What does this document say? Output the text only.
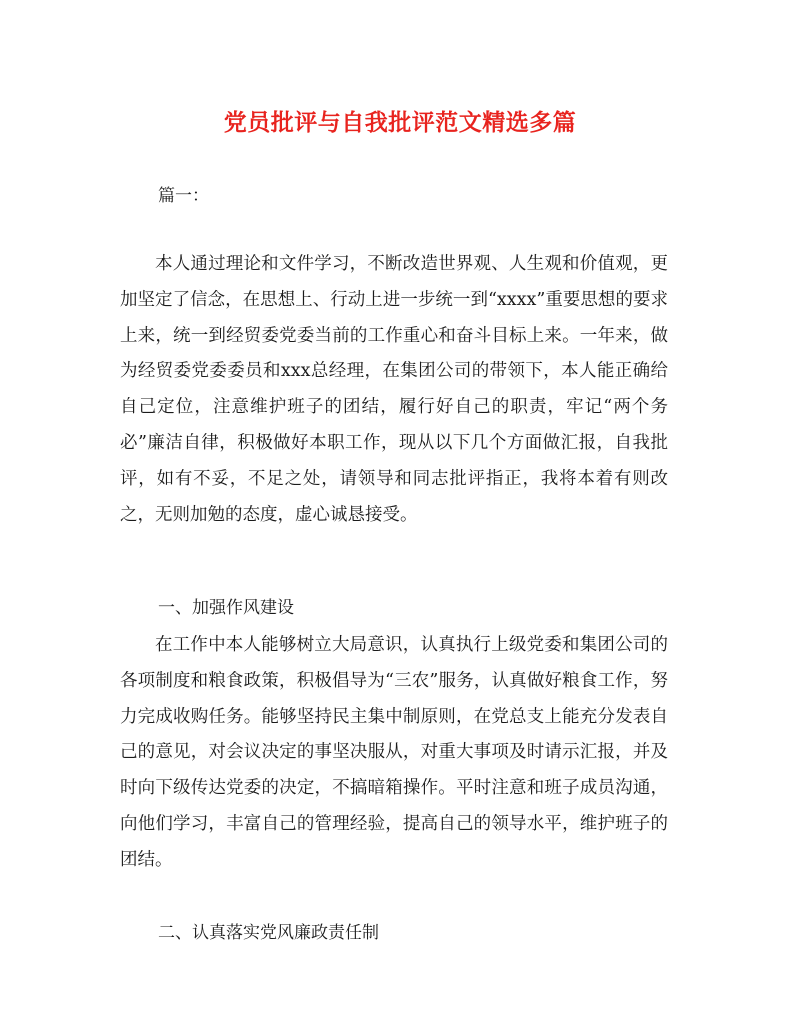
党员批评与自我批评范文精选多篇

篇一：

本人通过理论和文件学习，不断改造世界观、人生观和价值观，更加坚定了信念，在思想上、行动上进一步统一到“xxxx”重要思想的要求上来，统一到经贸委党委当前的工作重心和奋斗目标上来。一年来，做为经贸委党委委员和xxx总经理，在集团公司的带领下，本人能正确给自己定位，注意维护班子的团结，履行好自己的职责，牢记“两个务必”廉洁自律，积极做好本职工作，现从以下几个方面做汇报，自我批评，如有不妥，不足之处，请领导和同志批评指正，我将本着有则改之，无则加勉的态度，虚心诚恳接受。

一、加强作风建设

在工作中本人能够树立大局意识，认真执行上级党委和集团公司的各项制度和粮食政策，积极倡导为“三农”服务，认真做好粮食工作，努力完成收购任务。能够坚持民主集中制原则，在党总支上能充分发表自己的意见，对会议决定的事坚决服从，对重大事项及时请示汇报，并及时向下级传达党委的决定，不搞暗箱操作。平时注意和班子成员沟通，向他们学习，丰富自己的管理经验，提高自己的领导水平，维护班子的团结。

二、认真落实党风廉政责任制
